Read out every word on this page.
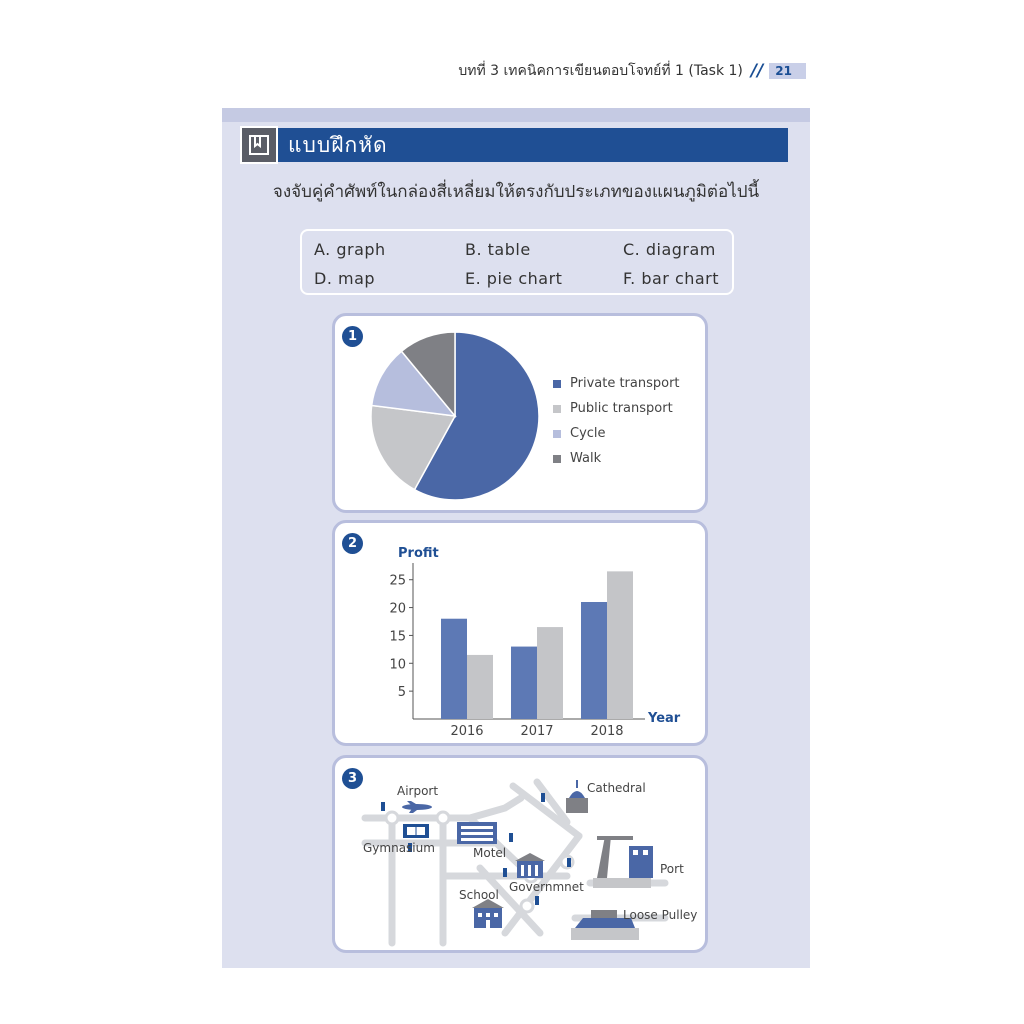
บทที่ 3 เทคนิคการเขียนตอบโจทย์ที่ 1 (Task 1) //	21
แบบฝึกหัด
จงจับคู่คำศัพท์ในกล่องสี่เหลี่ยมให้ตรงกับประเภทของแผนภูมิต่อไปนี้
A. graph	B. table	C. diagram
D. map	E. pie chart	F. bar chart
1
Private transport
Public transport
Cycle
Walk
2
Profit
Year
5
10
15
20
25
2016	2017	2018
3
Airport	Cathedral
Gymnasium	Motel
Governmnet
Port
School
Loose Pulley
